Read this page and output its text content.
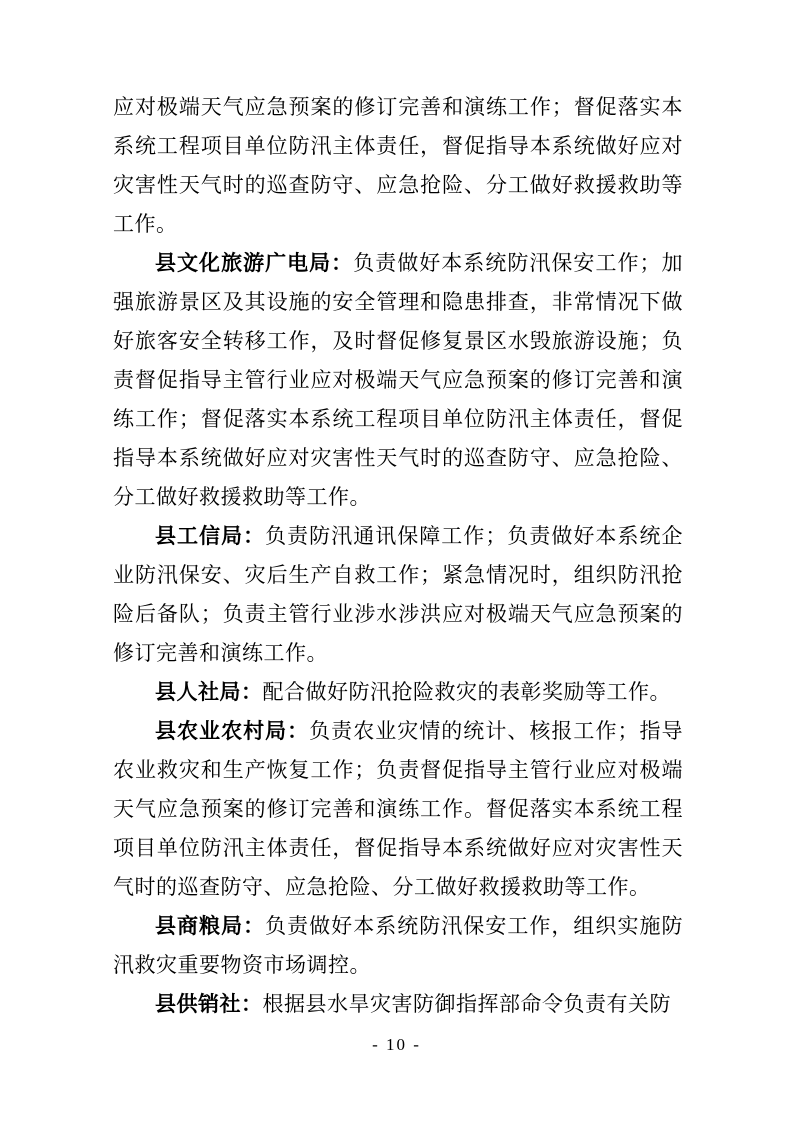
应对极端天气应急预案的修订完善和演练工作；督促落实本系统工程项目单位防汛主体责任，督促指导本系统做好应对灾害性天气时的巡查防守、应急抢险、分工做好救援救助等工作。

县文化旅游广电局：负责做好本系统防汛保安工作；加强旅游景区及其设施的安全管理和隐患排查，非常情况下做好旅客安全转移工作，及时督促修复景区水毁旅游设施；负责督促指导主管行业应对极端天气应急预案的修订完善和演练工作；督促落实本系统工程项目单位防汛主体责任，督促指导本系统做好应对灾害性天气时的巡查防守、应急抢险、分工做好救援救助等工作。

县工信局：负责防汛通讯保障工作；负责做好本系统企业防汛保安、灾后生产自救工作；紧急情况时，组织防汛抢险后备队；负责主管行业涉水涉洪应对极端天气应急预案的修订完善和演练工作。

县人社局：配合做好防汛抢险救灾的表彰奖励等工作。

县农业农村局：负责农业灾情的统计、核报工作；指导农业救灾和生产恢复工作；负责督促指导主管行业应对极端天气应急预案的修订完善和演练工作。督促落实本系统工程项目单位防汛主体责任，督促指导本系统做好应对灾害性天气时的巡查防守、应急抢险、分工做好救援救助等工作。

县商粮局：负责做好本系统防汛保安工作，组织实施防汛救灾重要物资市场调控。

县供销社：根据县水旱灾害防御指挥部命令负责有关防

- 10 -
